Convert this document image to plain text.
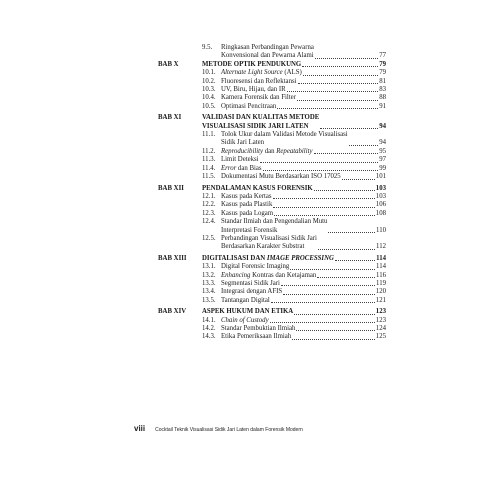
9.5.	Ringkasan Perbandingan Pewarna
Konvensional dan Pewarna Alami	77
BAB X	METODE OPTIK PENDUKUNG	79
10.1. Alternate Light Source (ALS)	79
10.2. Fluoresensi dan Reflektansi	81
10.3. UV, Biru, Hijau, dan IR	83
10.4. Kamera Forensik dan Filter	88
10.5. Optimasi Pencitraan	91
BAB XI	VALIDASI DAN KUALITAS METODE
VISUALISASI SIDIK JARI LATEN	94
11.1. Tolok Ukur dalam Validasi Metode Visualisasi
Sidik Jari Laten	94
11.2. Reproducibility dan Repeatability	95
11.3. Limit Deteksi	97
11.4. Error dan Bias	99
11.5. Dokumentasi Mutu Berdasarkan ISO 17025	101
BAB XII	PENDALAMAN KASUS FORENSIK	103
12.1. Kasus pada Kertas	103
12.2. Kasus pada Plastik	106
12.3. Kasus pada Logam	108
12.4. Standar Ilmiah dan Pengendalian Mutu
Interpretasi Forensik	110
12.5. Perbandingan Visualisasi Sidik Jari
Berdasarkan Karakter Substrat	112
BAB XIII	DIGITALISASI DAN IMAGE PROCESSING	114
13.1. Digital Forensic Imaging	114
13.2. Enhancing Kontras dan Ketajaman	116
13.3. Segmentasi Sidik Jari	119
13.4. Integrasi dengan AFIS	120
13.5. Tantangan Digital	121
BAB XIV	ASPEK HUKUM DAN ETIKA	123
14.1. Chain of Custody	123
14.2. Standar Pembuktian Ilmiah	124
14.3. Etika Pemeriksaan Ilmiah	125
viii Cocktail Teknik Visualisasi Sidik Jari Laten dalam Forensik Modern
